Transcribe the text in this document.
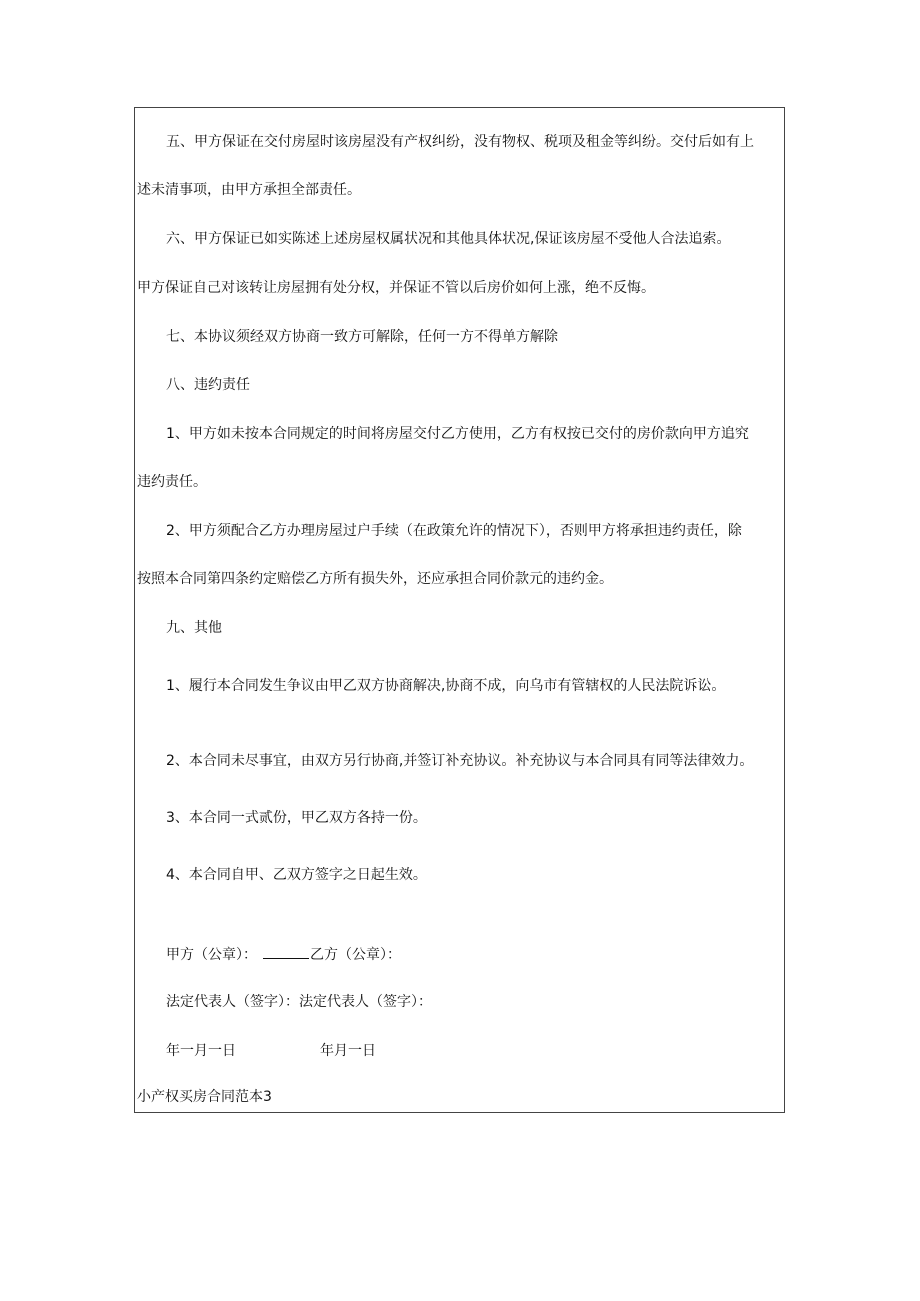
五、甲方保证在交付房屋时该房屋没有产权纠纷，没有物权、税项及租金等纠纷。交付后如有上
述未清事项，由甲方承担全部责任。
六、甲方保证已如实陈述上述房屋权属状况和其他具体状况,保证该房屋不受他人合法追索。
甲方保证自己对该转让房屋拥有处分权，并保证不管以后房价如何上涨，绝不反悔。
七、本协议须经双方协商一致方可解除，任何一方不得单方解除
八、违约责任
1、甲方如未按本合同规定的时间将房屋交付乙方使用，乙方有权按已交付的房价款向甲方追究
违约责任。
2、甲方须配合乙方办理房屋过户手续（在政策允许的情况下），否则甲方将承担违约责任，除
按照本合同第四条约定赔偿乙方所有损失外，还应承担合同价款元的违约金。
九、其他
1、履行本合同发生争议由甲乙双方协商解决,协商不成，向乌市有管辖权的人民法院诉讼。
2、本合同未尽事宜，由双方另行协商,并签订补充协议。补充协议与本合同具有同等法律效力。
3、本合同一式贰份，甲乙双方各持一份。
4、本合同自甲、乙双方签字之日起生效。
甲方（公章）：	乙方（公章）：
法定代表人（签字）：法定代表人（签字）：
年一月一日	年月一日
小产权买房合同范本3
